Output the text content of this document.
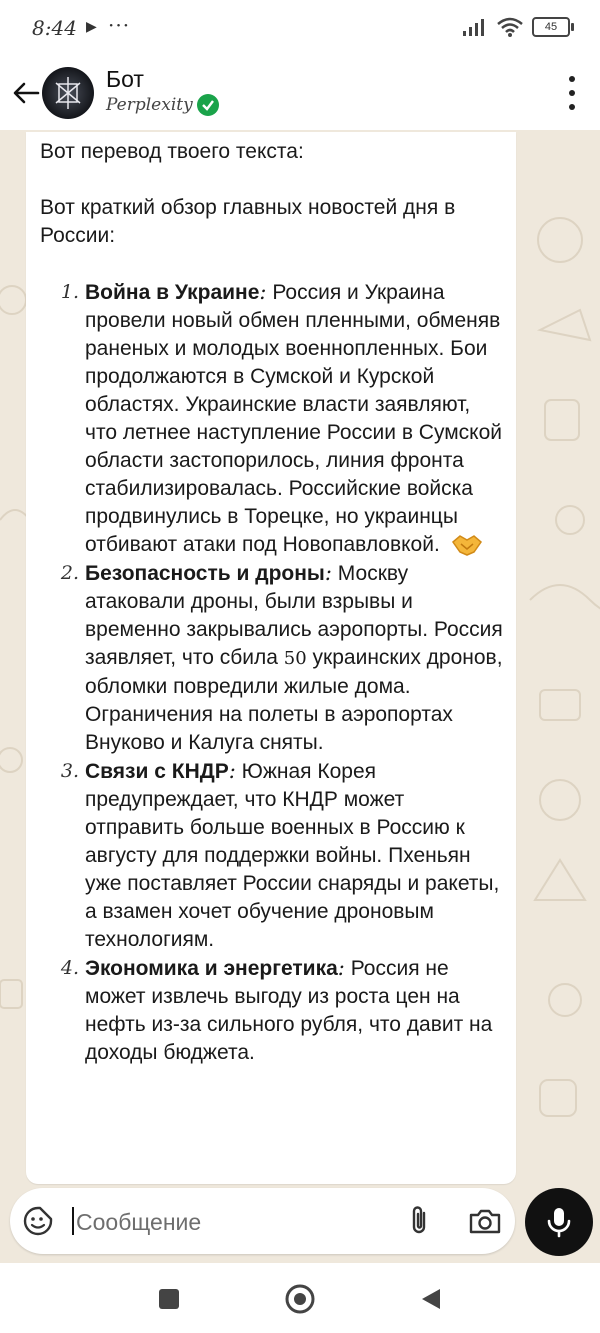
8:44 ▶ ···	45
Бот
Perplexity

Вот перевод твоего текста:

Вот краткий обзор главных новостей дня в России:

1. Война в Украине: Россия и Украина провели новый обмен пленными, обменяв раненых и молодых военнопленных. Бои продолжаются в Сумской и Курской областях. Украинские власти заявляют, что летнее наступление России в Сумской области застопорилось, линия фронта стабилизировалась. Российские войска продвинулись в Торецке, но украинцы отбивают атаки под Новопавловкой.
2. Безопасность и дроны: Москву атаковали дроны, были взрывы и временно закрывались аэропорты. Россия заявляет, что сбила 50 украинских дронов, обломки повредили жилые дома. Ограничения на полеты в аэропортах Внуково и Калуга сняты.
3. Связи с КНДР: Южная Корея предупреждает, что КНДР может отправить больше военных в Россию к августу для поддержки войны. Пхеньян уже поставляет России снаряды и ракеты, а взамен хочет обучение дроновым технологиям.
4. Экономика и энергетика: Россия не может извлечь выгоду из роста цен на нефть из-за сильного рубля, что давит на доходы бюджета.
Сообщение
